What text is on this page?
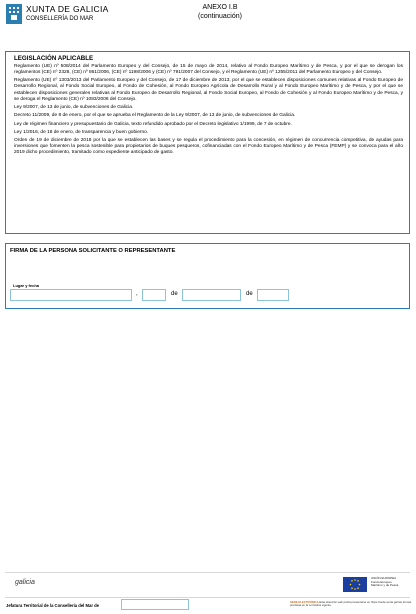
XUNTA DE GALICIA
CONSELLERÍA DO MAR
ANEXO I.B
(continuación)
LEGISLACIÓN APLICABLE
Reglamento (UE) nº 508/2014 del Parlamento Europeo y del Consejo, de 15 de mayo de 2014, relativo al Fondo Europeo Marítimo y de Pesca, y por el que se derogan los reglamentos (CE) nº 2328, (CE) nº 861/2006, (CE) nº 1198/2006 y (CE) nº 791/2007 del Consejo, y el Reglamento (UE) nº 1255/2011 del Parlamento Europeo y del Consejo.
Reglamento (UE) nº 1303/2013 del Parlamento Europeo y del Consejo, de 17 de diciembre de 2013, por el que se establecen disposiciones comunes relativas al Fondo Europeo de Desarrollo Regional, al Fondo Social Europeo, al Fondo de Cohesión, al Fondo Europeo Agrícola de Desarrollo Rural y al Fondo Europeo Marítimo y de Pesca, y por el que se establecen disposiciones generales relativas al Fondo Europeo de Desarrollo Regional, al Fondo Social Europeo, al Fondo de Cohesión y al Fondo Europeo Marítimo y de Pesca, y se deroga el Reglamento (CE) nº 1083/2006 del Consejo.
Ley 9/2007, de 13 de junio, de subvenciones de Galicia.
Decreto 11/2009, de 8 de enero, por el que se aprueba el Reglamento de la Ley 9/2007, de 13 de junio, de subvenciones de Galicia.
Ley de régimen financiero y presupuestario de Galicia, texto refundido aprobado por el Decreto legislativo 1/1999, de 7 de octubre.
Ley 1/2016, de 18 de enero, de transparencia y buen gobierno.
Orden de 19 de diciembre de 2018 por la que se establecen las bases y se regula el procedimiento para la concesión, en régimen de concurrencia competitiva, de ayudas para inversiones que fomenten la pesca sostenible para propietarios de buques pesqueros, cofinanciadas con el Fondo Europeo Marítimo y de Pesca (FEMP) y se convoca para el año 2019 dicho procedimiento, tramitado como expediente anticipado de gasto.
FIRMA DE LA PERSONA SOLICITANTE O REPRESENTANTE
Lugar y fecha
,	de	de
galicia
UNIÓN EUROPEA
Fondo Europeo
Marítimo y de Pesca
Jefatura Territorial de la Consellería del Mar de
SEDE ELECTRÓNICA Esta dirección web podrá presentarse en https://sede.xunta.gal las formas previstas en la normativa vigente.
